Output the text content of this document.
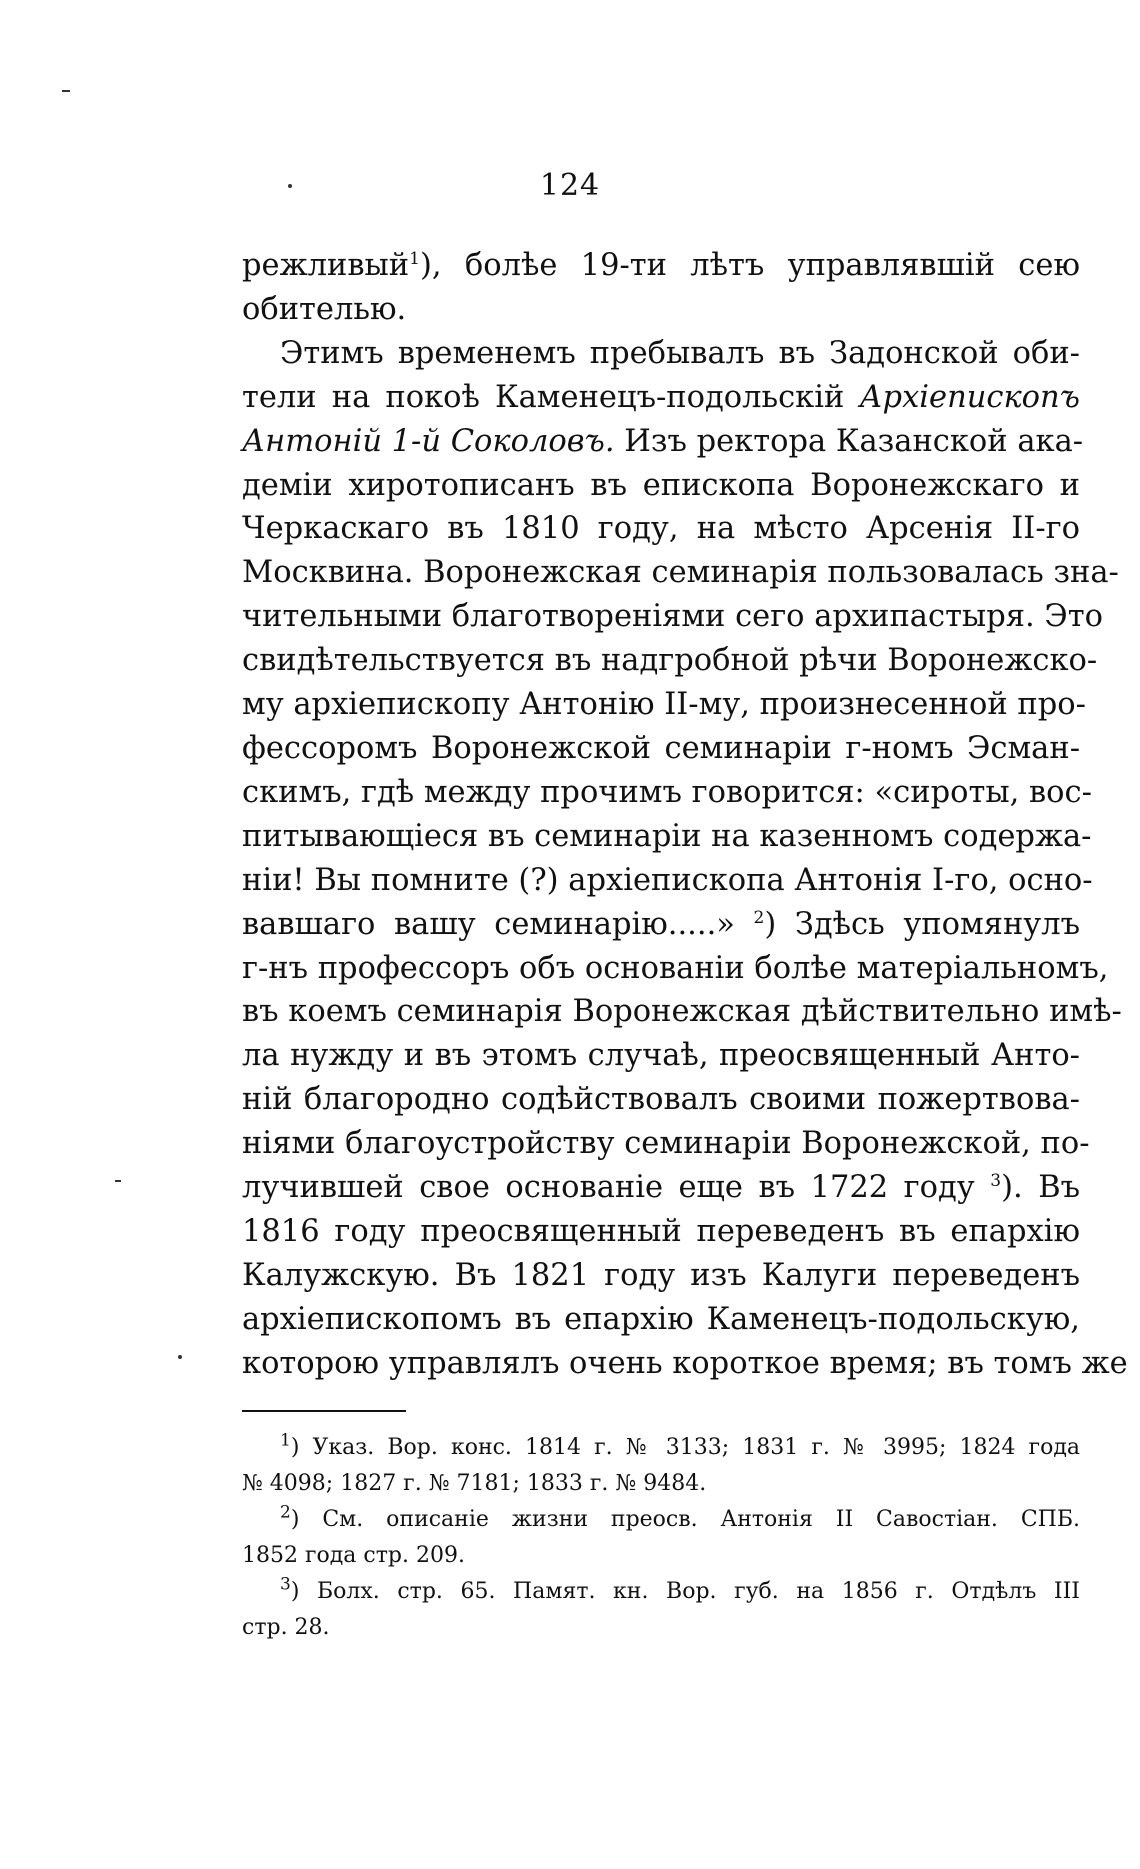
124
режливый$^1$), болѣе 19-ти лѣтъ управлявшiй сею
обителью.
Этимъ временемъ пребывалъ въ Задонской оби-
тели на покоѣ Каменецъ-подольскiй Архiепископъ
Антонiй 1-й Соколовъ. Изъ ректора Казанской ака-
демiи хиротописанъ въ епископа Воронежскаго и
Черкаскаго въ 1810 году, на мѣсто Арсенiя II-го
Москвина. Воронежская семинарiя пользовалась зна-
чительными благотворенiями сего архипастыря. Это
свидѣтельствуется въ надгробной рѣчи Воронежско-
му архiепископу Антонiю II-му, произнесенной про-
фессоромъ Воронежской семинарiи г-номъ Эсман-
скимъ, гдѣ между прочимъ говорится: «сироты, вос-
питывающiеся въ семинарiи на казенномъ содержа-
нiи! Вы помните (?) архiепископа Антонiя I-го, осно-
вавшаго вашу семинарiю.....» $^2$) Здѣсь упомянулъ
г-нъ профессоръ объ основанiи болѣе матерiальномъ,
въ коемъ семинарiя Воронежская дѣйствительно имѣ-
ла нужду и въ этомъ случаѣ, преосвященный Анто-
нiй благородно содѣйствовалъ своими пожертвова-
нiями благоустройству семинарiи Воронежской, по-
лучившей свое основанiе еще въ 1722 году $^3$). Въ
1816 году преосвященный переведенъ въ епархiю
Калужскую. Въ 1821 году изъ Калуги переведенъ
архiепископомъ въ епархiю Каменецъ-подольскую,
которою управлялъ очень короткое время; въ томъ же
$^1$) Указ. Вор. конс. 1814 г. № 3133; 1831 г. № 3995; 1824 года
№ 4098; 1827 г. № 7181; 1833 г. № 9484.
$^2$) См. описанiе жизни преосв. Антонiя II Савостiан. СПБ.
1852 года стр. 209.
$^3$) Болх. стр. 65. Памят. кн. Вор. губ. на 1856 г. Отдѣлъ III
стр. 28.
